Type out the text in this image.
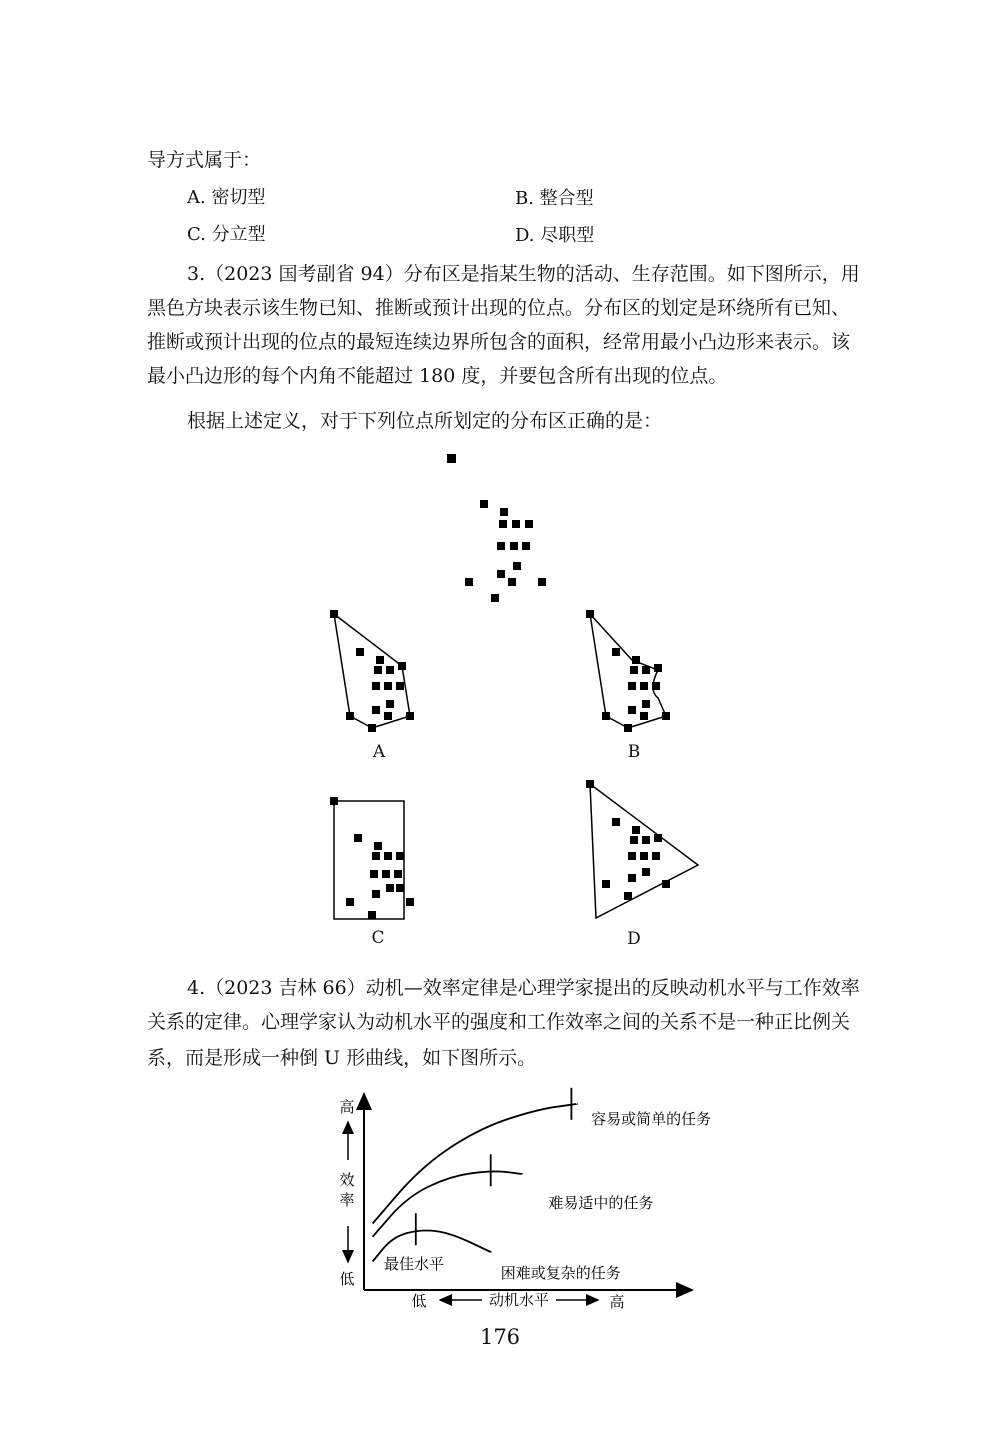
导方式属于：
A. 密切型	B. 整合型
C. 分立型	D. 尽职型
3.（2023 国考副省 94）分布区是指某生物的活动、生存范围。如下图所示，用
黑色方块表示该生物已知、推断或预计出现的位点。分布区的划定是环绕所有已知、
推断或预计出现的位点的最短连续边界所包含的面积，经常用最小凸边形来表示。该
最小凸边形的每个内角不能超过 180 度，并要包含所有出现的位点。
根据上述定义，对于下列位点所划定的分布区正确的是：
A	B
C	D
4.（2023 吉林 66）动机—效率定律是心理学家提出的反映动机水平与工作效率
关系的定律。心理学家认为动机水平的强度和工作效率之间的关系不是一种正比例关
系，而是形成一种倒 U 形曲线，如下图所示。
容易或简单的任务
难易适中的任务
困难或复杂的任务
高
低
效
率
低	动机水平	高
最佳水平
176
